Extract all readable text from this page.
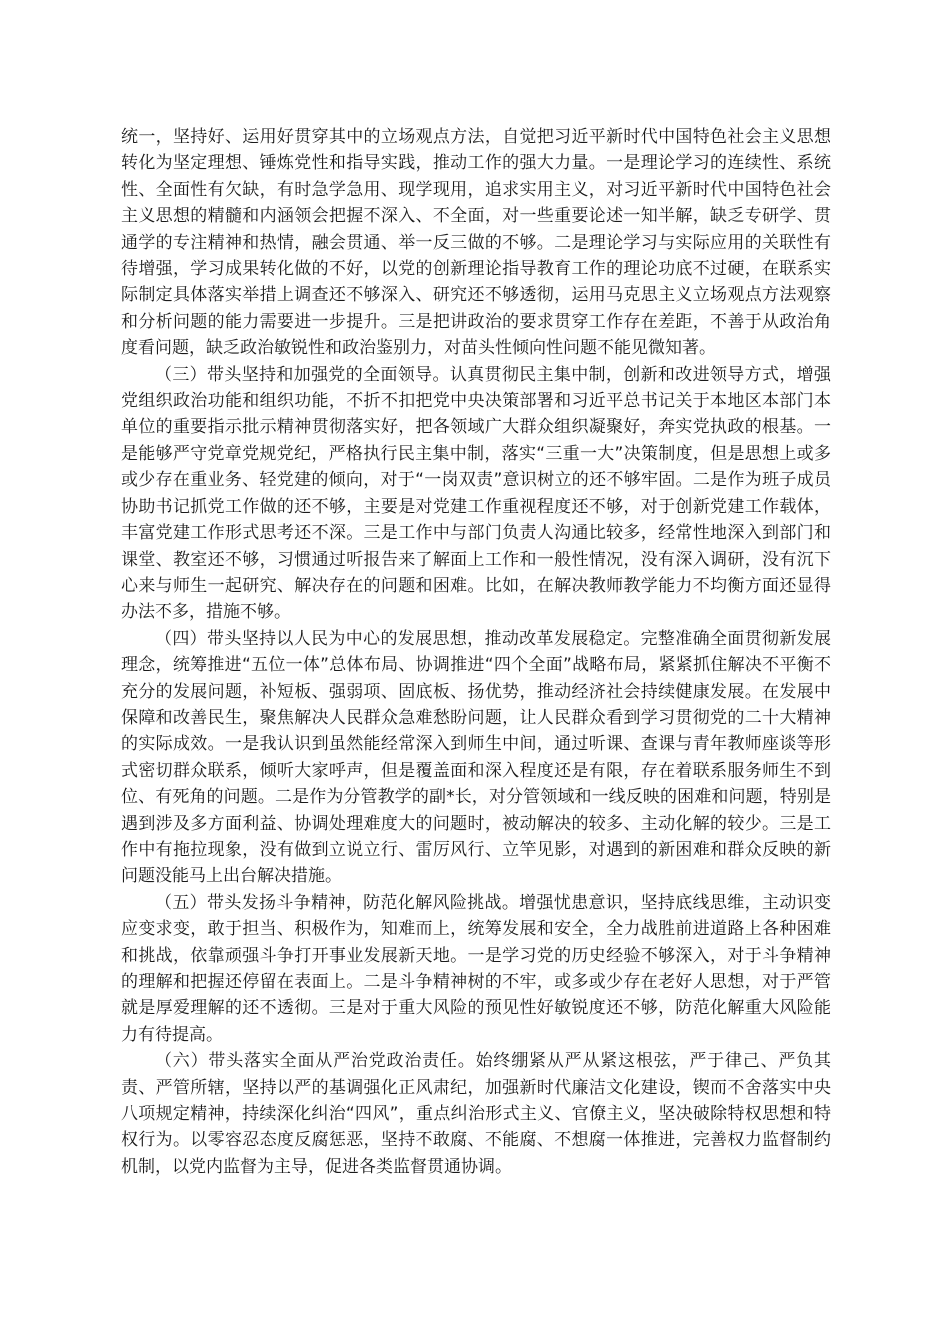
统一，坚持好、运用好贯穿其中的立场观点方法，自觉把习近平新时代中国特色社会主义思想转化为坚定理想、锤炼党性和指导实践，推动工作的强大力量。一是理论学习的连续性、系统性、全面性有欠缺，有时急学急用、现学现用，追求实用主义，对习近平新时代中国特色社会主义思想的精髓和内涵领会把握不深入、不全面，对一些重要论述一知半解，缺乏专研学、贯通学的专注精神和热情，融会贯通、举一反三做的不够。二是理论学习与实际应用的关联性有待增强，学习成果转化做的不好，以党的创新理论指导教育工作的理论功底不过硬，在联系实际制定具体落实举措上调查还不够深入、研究还不够透彻，运用马克思主义立场观点方法观察和分析问题的能力需要进一步提升。三是把讲政治的要求贯穿工作存在差距，不善于从政治角度看问题，缺乏政治敏锐性和政治鉴别力，对苗头性倾向性问题不能见微知著。

（三）带头坚持和加强党的全面领导。认真贯彻民主集中制，创新和改进领导方式，增强党组织政治功能和组织功能，不折不扣把党中央决策部署和习近平总书记关于本地区本部门本单位的重要指示批示精神贯彻落实好，把各领域广大群众组织凝聚好，奔实党执政的根基。一是能够严守党章党规党纪，严格执行民主集中制，落实“三重一大”决策制度，但是思想上或多或少存在重业务、轻党建的倾向，对于“一岗双责”意识树立的还不够牢固。二是作为班子成员协助书记抓党工作做的还不够，主要是对党建工作重视程度还不够，对于创新党建工作载体，丰富党建工作形式思考还不深。三是工作中与部门负责人沟通比较多，经常性地深入到部门和课堂、教室还不够，习惯通过听报告来了解面上工作和一般性情况，没有深入调研，没有沉下心来与师生一起研究、解决存在的问题和困难。比如，在解决教师教学能力不均衡方面还显得办法不多，措施不够。

（四）带头坚持以人民为中心的发展思想，推动改革发展稳定。完整准确全面贯彻新发展理念，统筹推进“五位一体”总体布局、协调推进“四个全面”战略布局，紧紧抓住解决不平衡不充分的发展问题，补短板、强弱项、固底板、扬优势，推动经济社会持续健康发展。在发展中保障和改善民生，聚焦解决人民群众急难愁盼问题，让人民群众看到学习贯彻党的二十大精神的实际成效。一是我认识到虽然能经常深入到师生中间，通过听课、查课与青年教师座谈等形式密切群众联系，倾听大家呼声，但是覆盖面和深入程度还是有限，存在着联系服务师生不到位、有死角的问题。二是作为分管教学的副*长，对分管领域和一线反映的困难和问题，特别是遇到涉及多方面利益、协调处理难度大的问题时，被动解决的较多、主动化解的较少。三是工作中有拖拉现象，没有做到立说立行、雷厉风行、立竿见影，对遇到的新困难和群众反映的新问题没能马上出台解决措施。

（五）带头发扬斗争精神，防范化解风险挑战。增强忧患意识，坚持底线思维，主动识变应变求变，敢于担当、积极作为，知难而上，统筹发展和安全，全力战胜前进道路上各种困难和挑战，依靠顽强斗争打开事业发展新天地。一是学习党的历史经验不够深入，对于斗争精神的理解和把握还停留在表面上。二是斗争精神树的不牢，或多或少存在老好人思想，对于严管就是厚爱理解的还不透彻。三是对于重大风险的预见性好敏锐度还不够，防范化解重大风险能力有待提高。

（六）带头落实全面从严治党政治责任。始终绷紧从严从紧这根弦，严于律己、严负其责、严管所辖，坚持以严的基调强化正风肃纪，加强新时代廉洁文化建设，锲而不舍落实中央八项规定精神，持续深化纠治“四风”，重点纠治形式主义、官僚主义，坚决破除特权思想和特权行为。以零容忍态度反腐惩恶，坚持不敢腐、不能腐、不想腐一体推进，完善权力监督制约机制，以党内监督为主导，促进各类监督贯通协调。
